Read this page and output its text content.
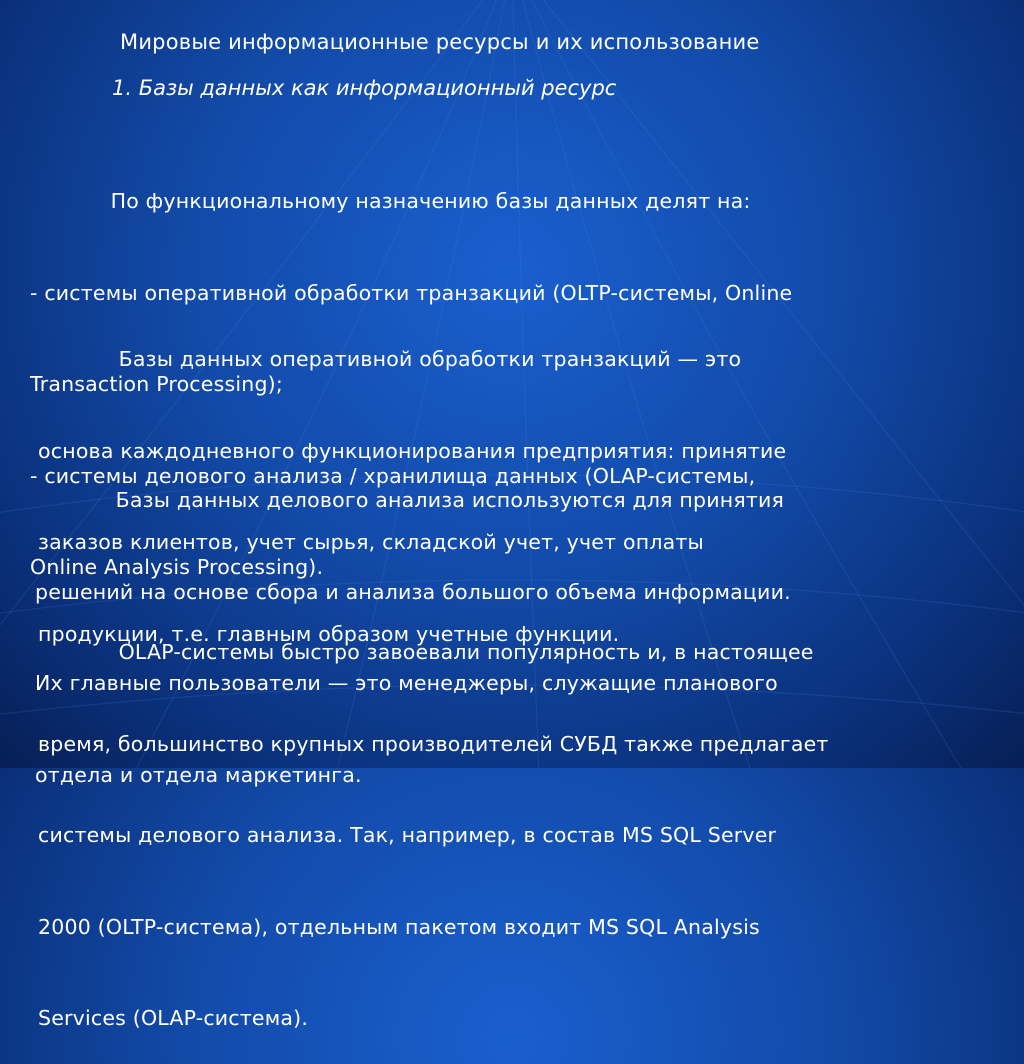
Мировые информационные ресурсы и их использование
1. Базы данных как информационный ресурс

По функциональному назначению базы данных делят на:

- системы оперативной обработки транзакций (OLTP-системы, Online

Transaction Processing);

- системы делового анализа / хранилища данных (OLAP-системы,

Online Analysis Processing).

Базы данных оперативной обработки транзакций — это

основа каждодневного функционирования предприятия: принятие

заказов клиентов, учет сырья, складской учет, учет оплаты

продукции, т.е. главным образом учетные функции.

Базы данных делового анализа используются для принятия

решений на основе сбора и анализа большого объема информации.

Их главные пользователи — это менеджеры, служащие планового

отдела и отдела маркетинга.

OLAP-системы быстро завоевали популярность и, в настоящее

время, большинство крупных производителей СУБД также предлагает

системы делового анализа. Так, например, в состав MS SQL Server

2000 (OLTP-система), отдельным пакетом входит MS SQL Analysis

Services (OLAP-система).
